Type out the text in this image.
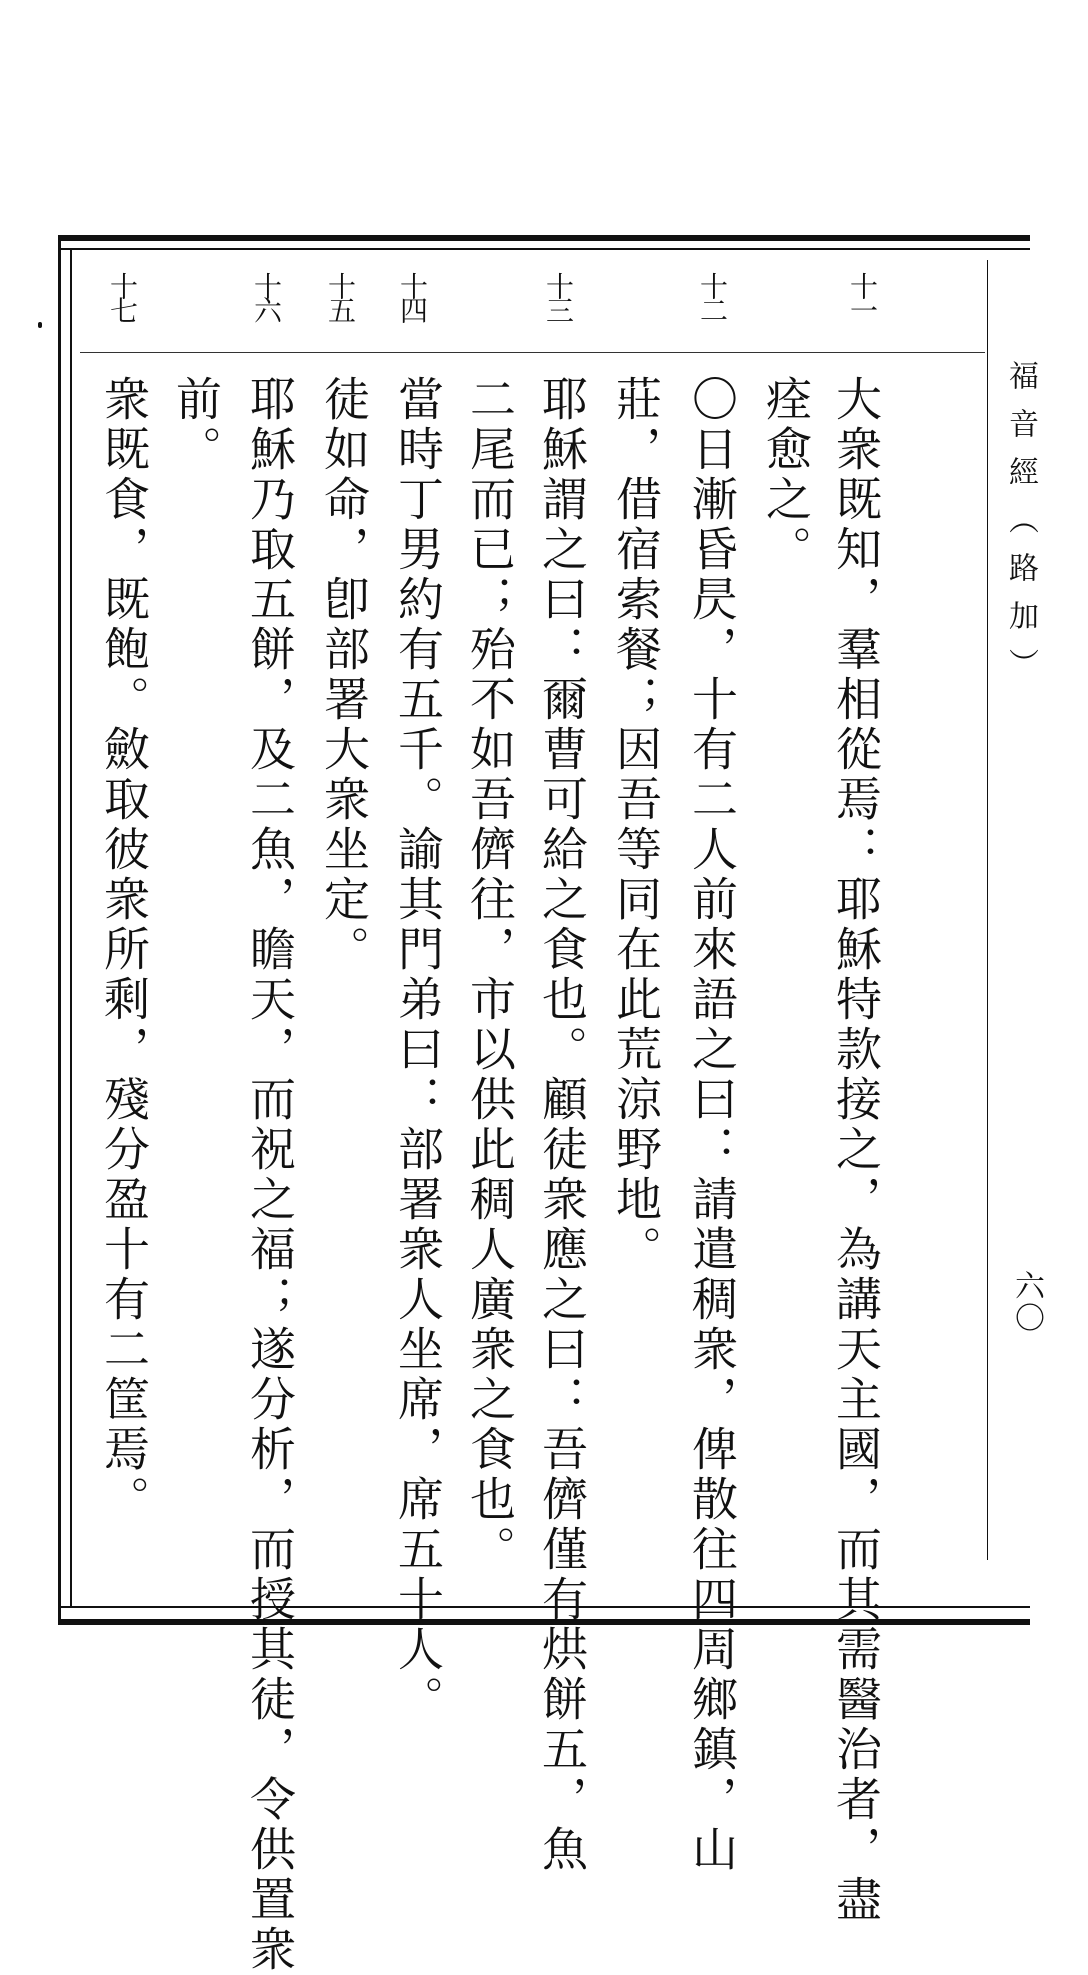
福音經（路加）
六〇
十一
十二
十三
十四
十五
十六
十七
大衆既知，羣相從焉：耶穌特款接之，為講天主國，而其需醫治者，盡
痊愈之。
〇日漸昏昃，十有二人前來語之曰：請遣稠衆，俾散往四周鄉鎮，山
莊，借宿索餐；因吾等同在此荒涼野地。
耶穌謂之曰：爾曹可給之食也。顧徒衆應之曰：吾儕僅有烘餅五，魚
二尾而已；殆不如吾儕往，市以供此稠人廣衆之食也。
當時丁男約有五千。諭其門弟曰：部署衆人坐席，席五十人。
徒如命，卽部署大衆坐定。
耶穌乃取五餅，及二魚，瞻天，而祝之福；遂分析，而授其徒，令供置衆
前。
衆既食，既飽。斂取彼衆所剩，殘分盈十有二筐焉。
